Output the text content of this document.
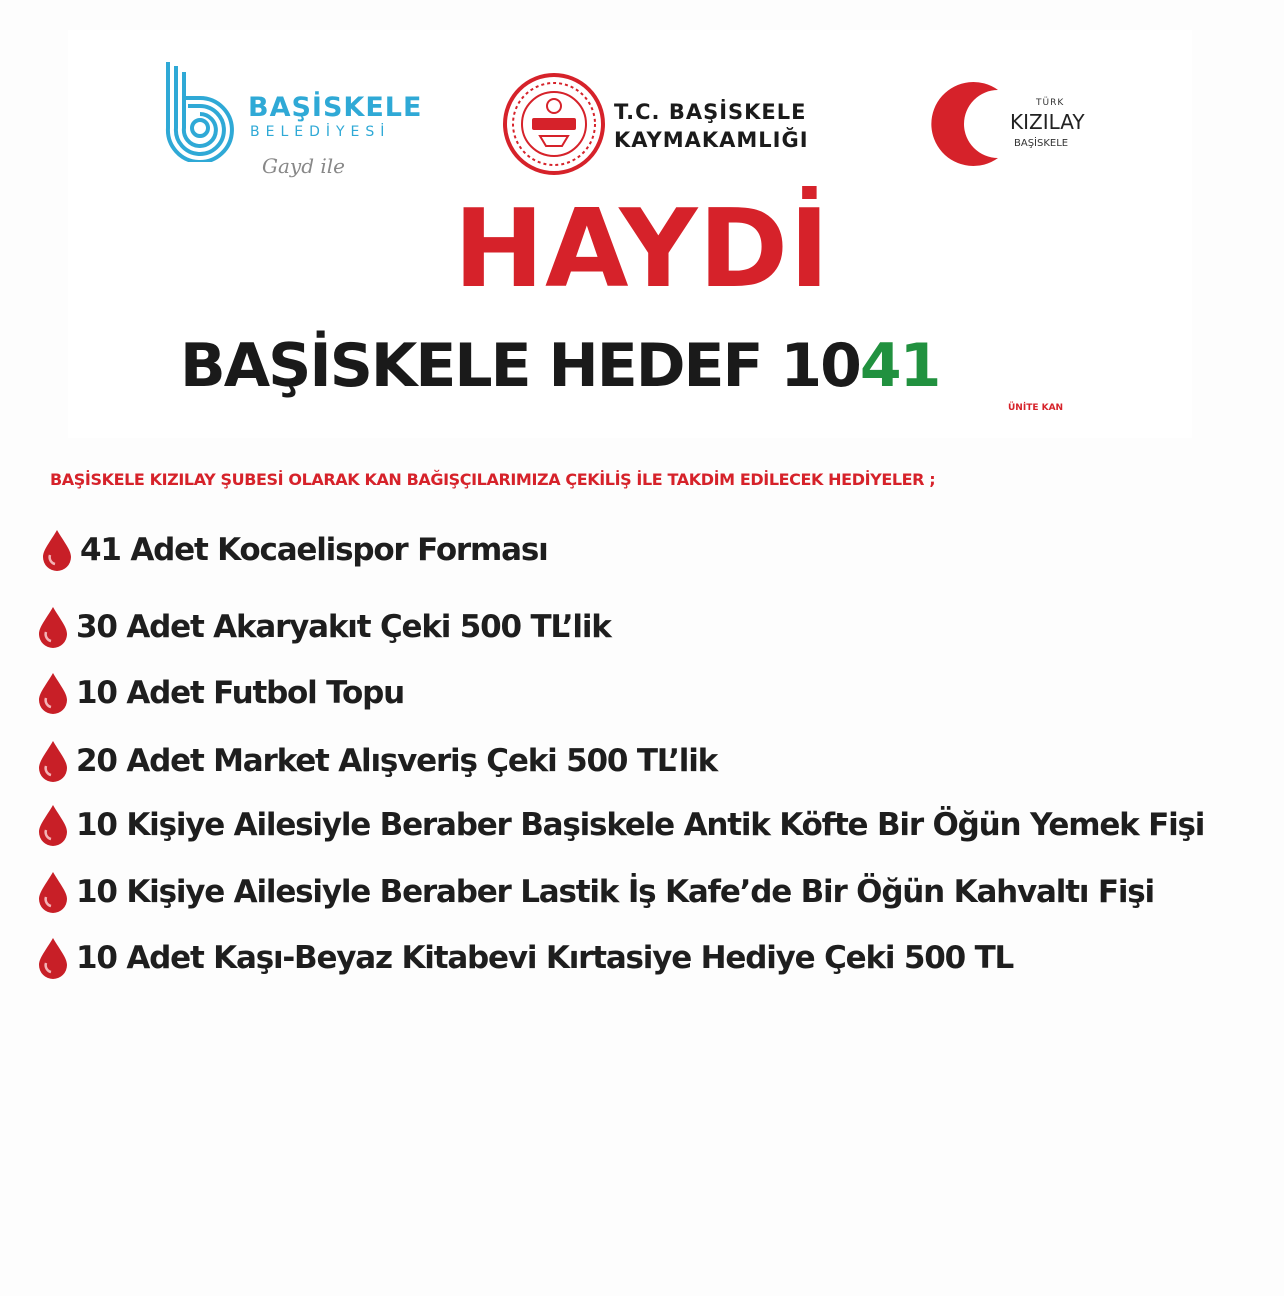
BAŞİSKELE
BELEDİYESİ
Gayd ile
T.C. BAŞİSKELE
KAYMAKAMLIĞI
TÜRK
KIZILAY
BAŞİSKELE
HAYDİ
BAŞİSKELE HEDEF 1041
ÜNİTE KAN
BAŞİSKELE KIZILAY ŞUBESİ OLARAK KAN BAĞIŞÇILARIMIZA ÇEKİLİŞ İLE TAKDİM EDİLECEK HEDİYELER ;
41 Adet Kocaelispor Forması
30 Adet Akaryakıt Çeki 500 TL’lik
10 Adet Futbol Topu
20 Adet Market Alışveriş Çeki 500 TL’lik
10 Kişiye Ailesiyle Beraber Başiskele Antik Köfte Bir Öğün Yemek Fişi
10 Kişiye Ailesiyle Beraber Lastik İş Kafe’de Bir Öğün Kahvaltı Fişi
10 Adet Kaşı-Beyaz Kitabevi Kırtasiye Hediye Çeki 500 TL
